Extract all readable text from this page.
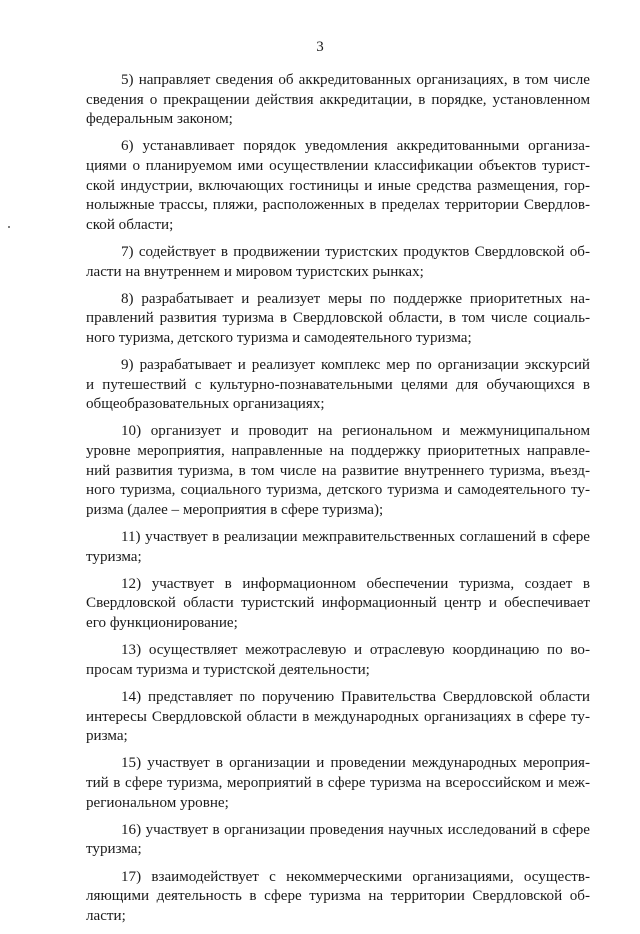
3

5) направляет сведения об аккредитованных организациях, в том числе
сведения о прекращении действия аккредитации, в порядке, установленном
федеральным законом;

6) устанавливает порядок уведомления аккредитованными организа-
циями о планируемом ими осуществлении классификации объектов турист-
ской индустрии, включающих гостиницы и иные средства размещения, гор-
нолыжные трассы, пляжи, расположенных в пределах территории Свердлов-
ской области;

7) содействует в продвижении туристских продуктов Свердловской об-
ласти на внутреннем и мировом туристских рынках;

8) разрабатывает и реализует меры по поддержке приоритетных на-
правлений развития туризма в Свердловской области, в том числе социаль-
ного туризма, детского туризма и самодеятельного туризма;

9) разрабатывает и реализует комплекс мер по организации экскурсий
и путешествий с культурно-познавательными целями для обучающихся в
общеобразовательных организациях;

10) организует и проводит на региональном и межмуниципальном
уровне мероприятия, направленные на поддержку приоритетных направле-
ний развития туризма, в том числе на развитие внутреннего туризма, въезд-
ного туризма, социального туризма, детского туризма и самодеятельного ту-
ризма (далее – мероприятия в сфере туризма);

11) участвует в реализации межправительственных соглашений в сфере
туризма;

12) участвует в информационном обеспечении туризма, создает в
Свердловской области туристский информационный центр и обеспечивает
его функционирование;

13) осуществляет межотраслевую и отраслевую координацию по во-
просам туризма и туристской деятельности;

14) представляет по поручению Правительства Свердловской области
интересы Свердловской области в международных организациях в сфере ту-
ризма;

15) участвует в организации и проведении международных мероприя-
тий в сфере туризма, мероприятий в сфере туризма на всероссийском и меж-
региональном уровне;

16) участвует в организации проведения научных исследований в сфере
туризма;

17) взаимодействует с некоммерческими организациями, осуществ-
ляющими деятельность в сфере туризма на территории Свердловской об-
ласти;
